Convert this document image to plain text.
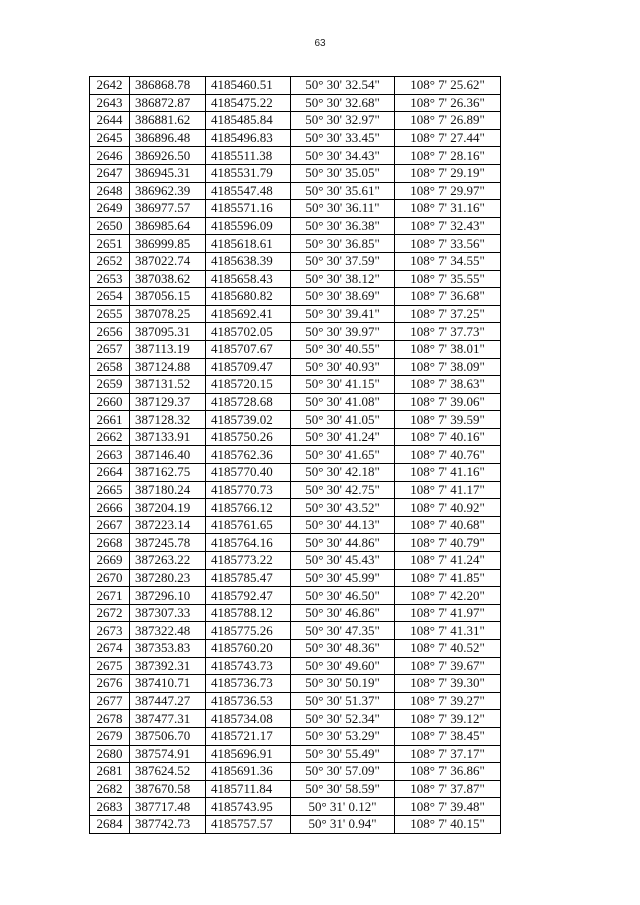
63
2642	386868.78	4185460.51	50° 30' 32.54"	108° 7' 25.62"
2643	386872.87	4185475.22	50° 30' 32.68"	108° 7' 26.36"
2644	386881.62	4185485.84	50° 30' 32.97"	108° 7' 26.89"
2645	386896.48	4185496.83	50° 30' 33.45"	108° 7' 27.44"
2646	386926.50	4185511.38	50° 30' 34.43"	108° 7' 28.16"
2647	386945.31	4185531.79	50° 30' 35.05"	108° 7' 29.19"
2648	386962.39	4185547.48	50° 30' 35.61"	108° 7' 29.97"
2649	386977.57	4185571.16	50° 30' 36.11"	108° 7' 31.16"
2650	386985.64	4185596.09	50° 30' 36.38"	108° 7' 32.43"
2651	386999.85	4185618.61	50° 30' 36.85"	108° 7' 33.56"
2652	387022.74	4185638.39	50° 30' 37.59"	108° 7' 34.55"
2653	387038.62	4185658.43	50° 30' 38.12"	108° 7' 35.55"
2654	387056.15	4185680.82	50° 30' 38.69"	108° 7' 36.68"
2655	387078.25	4185692.41	50° 30' 39.41"	108° 7' 37.25"
2656	387095.31	4185702.05	50° 30' 39.97"	108° 7' 37.73"
2657	387113.19	4185707.67	50° 30' 40.55"	108° 7' 38.01"
2658	387124.88	4185709.47	50° 30' 40.93"	108° 7' 38.09"
2659	387131.52	4185720.15	50° 30' 41.15"	108° 7' 38.63"
2660	387129.37	4185728.68	50° 30' 41.08"	108° 7' 39.06"
2661	387128.32	4185739.02	50° 30' 41.05"	108° 7' 39.59"
2662	387133.91	4185750.26	50° 30' 41.24"	108° 7' 40.16"
2663	387146.40	4185762.36	50° 30' 41.65"	108° 7' 40.76"
2664	387162.75	4185770.40	50° 30' 42.18"	108° 7' 41.16"
2665	387180.24	4185770.73	50° 30' 42.75"	108° 7' 41.17"
2666	387204.19	4185766.12	50° 30' 43.52"	108° 7' 40.92"
2667	387223.14	4185761.65	50° 30' 44.13"	108° 7' 40.68"
2668	387245.78	4185764.16	50° 30' 44.86"	108° 7' 40.79"
2669	387263.22	4185773.22	50° 30' 45.43"	108° 7' 41.24"
2670	387280.23	4185785.47	50° 30' 45.99"	108° 7' 41.85"
2671	387296.10	4185792.47	50° 30' 46.50"	108° 7' 42.20"
2672	387307.33	4185788.12	50° 30' 46.86"	108° 7' 41.97"
2673	387322.48	4185775.26	50° 30' 47.35"	108° 7' 41.31"
2674	387353.83	4185760.20	50° 30' 48.36"	108° 7' 40.52"
2675	387392.31	4185743.73	50° 30' 49.60"	108° 7' 39.67"
2676	387410.71	4185736.73	50° 30' 50.19"	108° 7' 39.30"
2677	387447.27	4185736.53	50° 30' 51.37"	108° 7' 39.27"
2678	387477.31	4185734.08	50° 30' 52.34"	108° 7' 39.12"
2679	387506.70	4185721.17	50° 30' 53.29"	108° 7' 38.45"
2680	387574.91	4185696.91	50° 30' 55.49"	108° 7' 37.17"
2681	387624.52	4185691.36	50° 30' 57.09"	108° 7' 36.86"
2682	387670.58	4185711.84	50° 30' 58.59"	108° 7' 37.87"
2683	387717.48	4185743.95	50° 31' 0.12"	108° 7' 39.48"
2684	387742.73	4185757.57	50° 31' 0.94"	108° 7' 40.15"
